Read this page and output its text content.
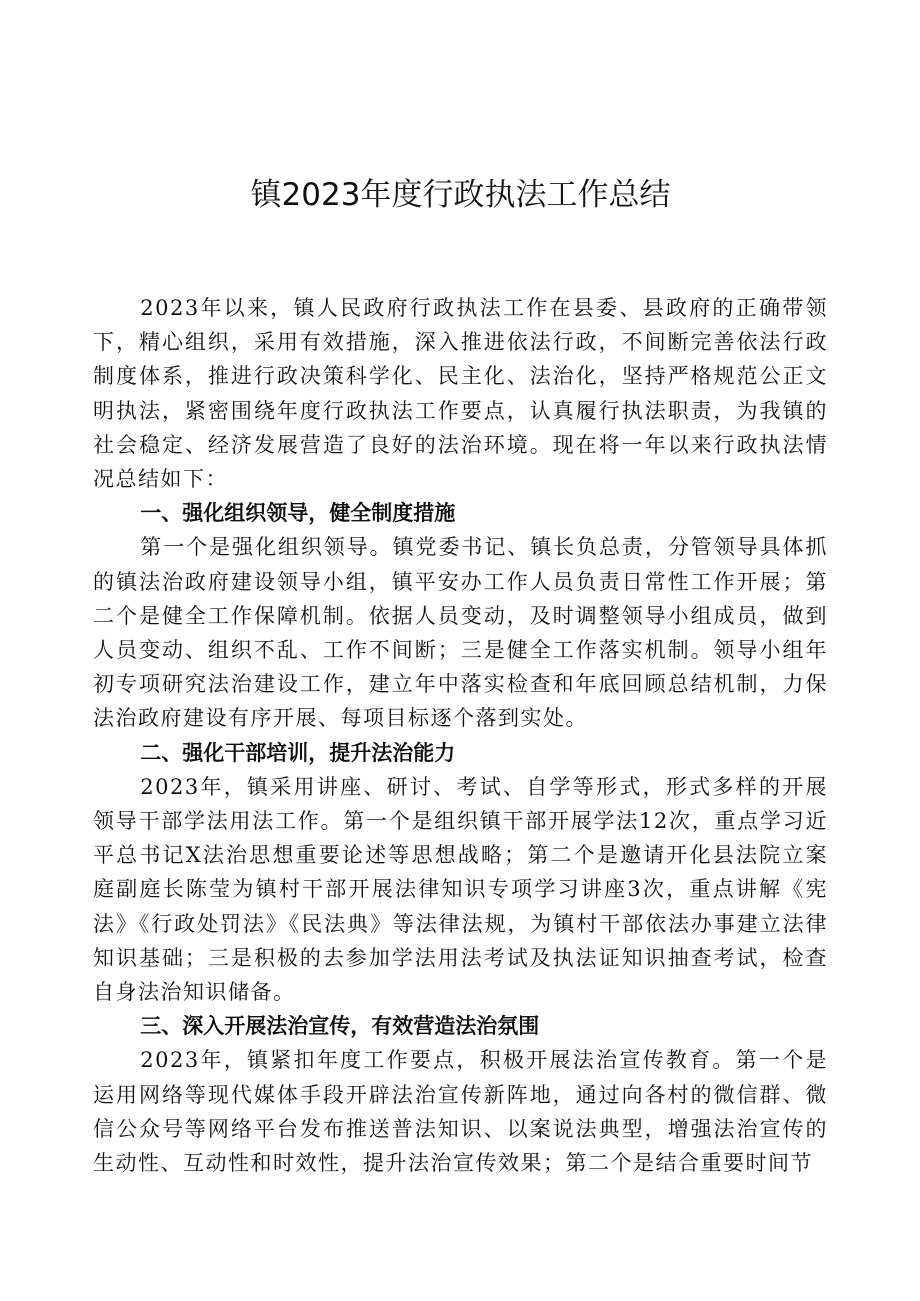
镇2023年度行政执法工作总结

2023年以来，镇人民政府行政执法工作在县委、县政府的正确带领下，精心组织，采用有效措施，深入推进依法行政，不间断完善依法行政制度体系，推进行政决策科学化、民主化、法治化，坚持严格规范公正文明执法，紧密围绕年度行政执法工作要点，认真履行执法职责，为我镇的社会稳定、经济发展营造了良好的法治环境。现在将一年以来行政执法情况总结如下：

一、强化组织领导，健全制度措施

第一个是强化组织领导。镇党委书记、镇长负总责，分管领导具体抓的镇法治政府建设领导小组，镇平安办工作人员负责日常性工作开展；第二个是健全工作保障机制。依据人员变动，及时调整领导小组成员，做到人员变动、组织不乱、工作不间断；三是健全工作落实机制。领导小组年初专项研究法治建设工作，建立年中落实检查和年底回顾总结机制，力保法治政府建设有序开展、每项目标逐个落到实处。

二、强化干部培训，提升法治能力

2023年，镇采用讲座、研讨、考试、自学等形式，形式多样的开展领导干部学法用法工作。第一个是组织镇干部开展学法12次，重点学习近平总书记X法治思想重要论述等思想战略；第二个是邀请开化县法院立案庭副庭长陈莹为镇村干部开展法律知识专项学习讲座3次，重点讲解《宪法》《行政处罚法》《民法典》等法律法规，为镇村干部依法办事建立法律知识基础；三是积极的去参加学法用法考试及执法证知识抽查考试，检查自身法治知识储备。

三、深入开展法治宣传，有效营造法治氛围

2023年，镇紧扣年度工作要点，积极开展法治宣传教育。第一个是运用网络等现代媒体手段开辟法治宣传新阵地，通过向各村的微信群、微信公众号等网络平台发布推送普法知识、以案说法典型，增强法治宣传的生动性、互动性和时效性，提升法治宣传效果；第二个是结合重要时间节
